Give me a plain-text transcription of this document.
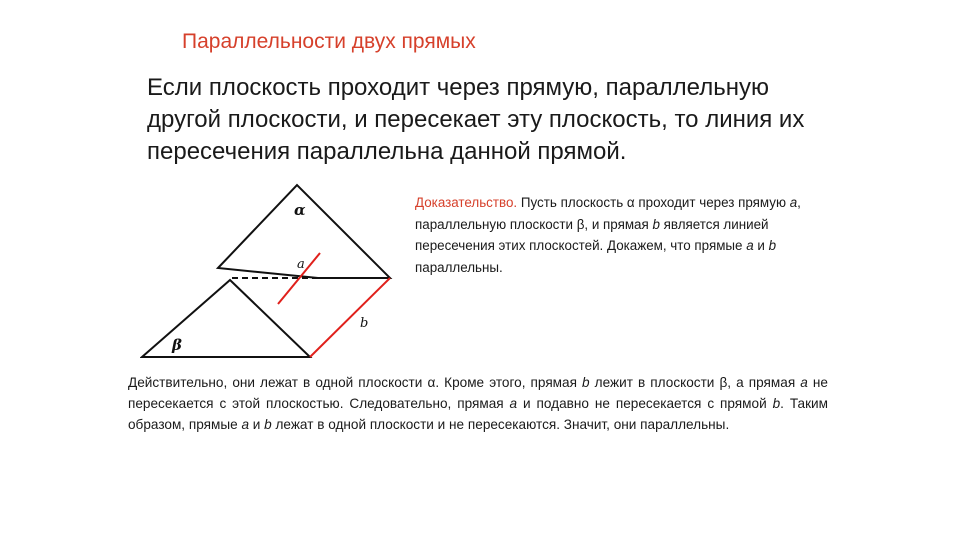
Параллельности двух прямых
Если плоскость проходит через прямую, параллельную другой плоскости, и пересекает эту плоскость, то линия их пересечения параллельна данной прямой.
α
β
a
b
Доказательство. Пусть плоскость α проходит через прямую a, параллельную плоскости β, и прямая b является линией пересечения этих плоскостей. Докажем, что прямые a и b параллельны.
Действительно, они лежат в одной плоскости α. Кроме этого, прямая b лежит в плоскости β, а прямая a не пересекается с этой плоскостью. Следовательно, прямая a и подавно не пересекается с прямой b. Таким образом, прямые a и b лежат в одной плоскости и не пересекаются. Значит, они параллельны.
